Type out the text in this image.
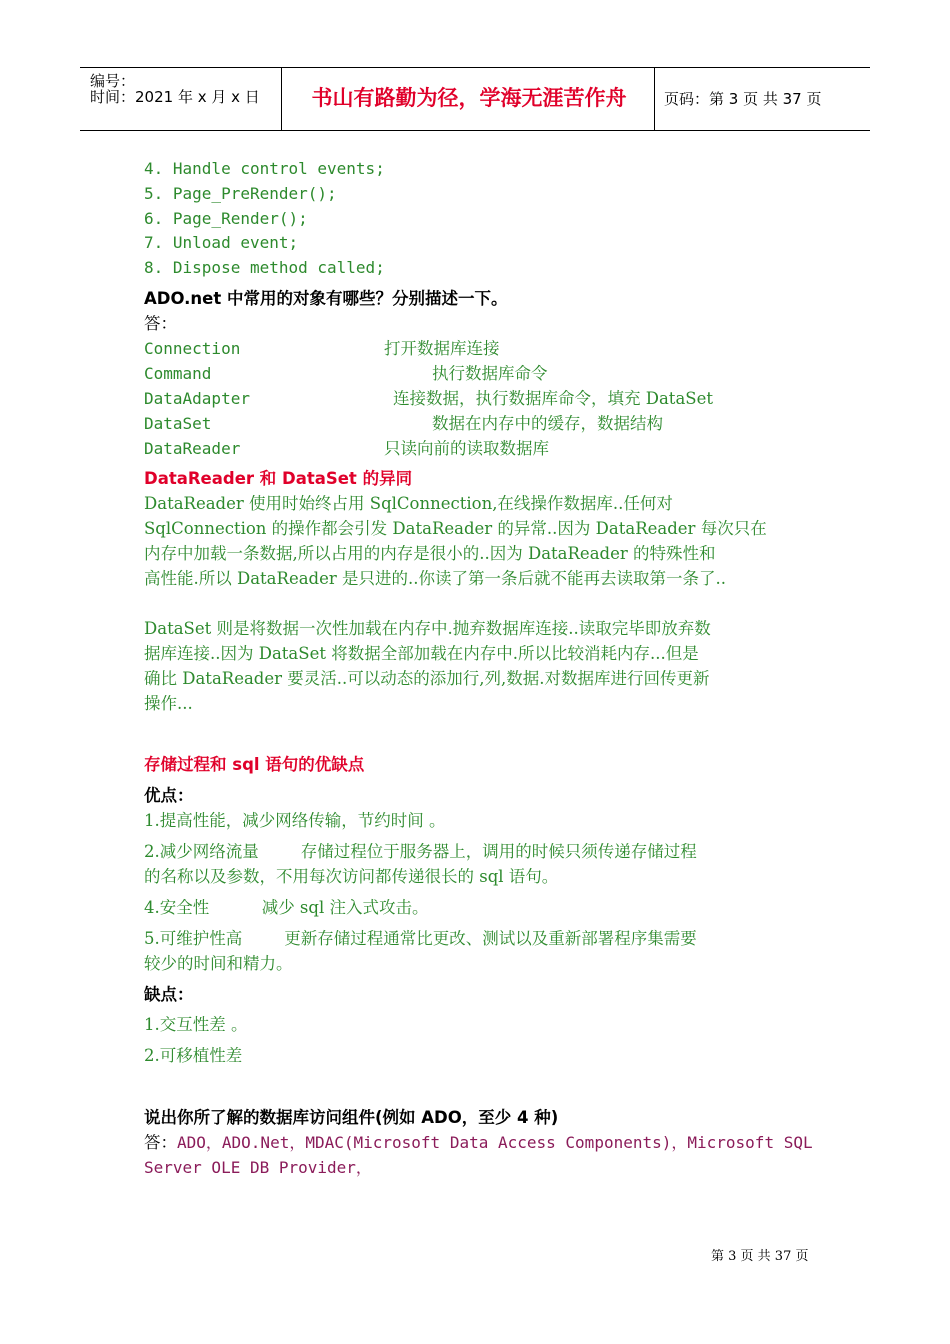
编号：
时间：2021 年 x 月 x 日	书山有路勤为径，学海无涯苦作舟	页码：第 3 页 共 37 页
4. Handle control events;
5. Page_PreRender();
6. Page_Render();
7. Unload event;
8. Dispose method called;
ADO.net 中常用的对象有哪些？分别描述一下。
答：
Connection	打开数据库连接
Command	执行数据库命令
DataAdapter	连接数据，执行数据库命令，填充 DataSet
DataSet	数据在内存中的缓存，数据结构
DataReader	只读向前的读取数据库
DataReader 和 DataSet 的异同
DataReader 使用时始终占用 SqlConnection,在线操作数据库..任何对
SqlConnection 的操作都会引发 DataReader 的异常..因为 DataReader 每次只在
内存中加载一条数据,所以占用的内存是很小的..因为 DataReader 的特殊性和
高性能.所以 DataReader 是只进的..你读了第一条后就不能再去读取第一条了..
DataSet 则是将数据一次性加载在内存中.抛弃数据库连接..读取完毕即放弃数
据库连接..因为 DataSet 将数据全部加载在内存中.所以比较消耗内存...但是
确比 DataReader 要灵活..可以动态的添加行,列,数据.对数据库进行回传更新
操作...
存储过程和 sql 语句的优缺点
优点：
1.提高性能，减少网络传输，节约时间 。
2.减少网络流量        存储过程位于服务器上，调用的时候只须传递存储过程
的名称以及参数，不用每次访问都传递很长的 sql 语句。
4.安全性          减少 sql 注入式攻击。
5.可维护性高        更新存储过程通常比更改、测试以及重新部署程序集需要
较少的时间和精力。
缺点：
1.交互性差 。
2.可移植性差
说出你所了解的数据库访问组件(例如 ADO，至少 4 种)
答：ADO，ADO.Net，MDAC(Microsoft Data Access Components)，Microsoft SQL
Server OLE DB Provider，
第 3 页 共 37 页
